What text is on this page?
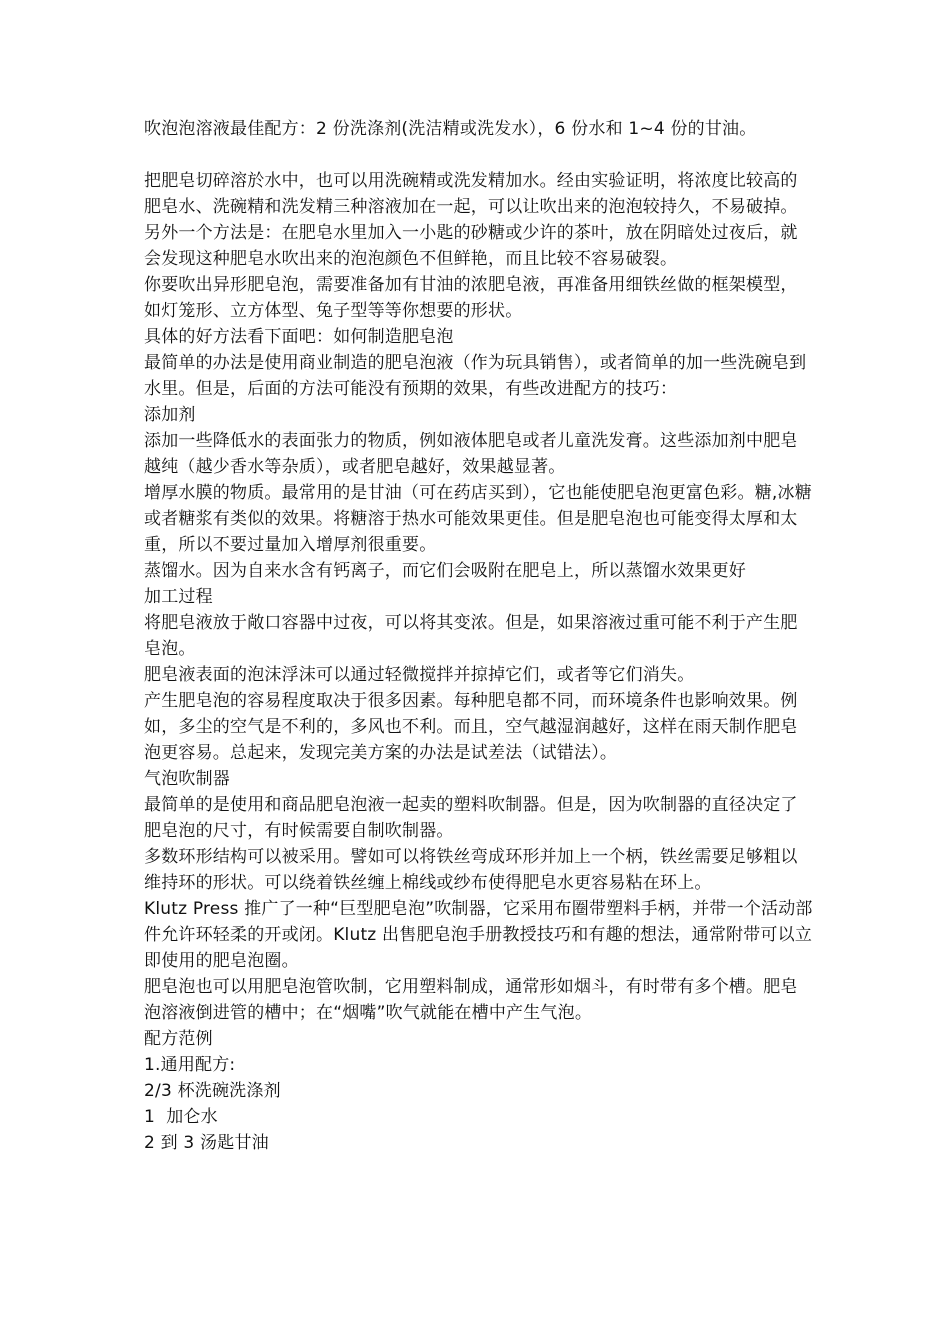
吹泡泡溶液最佳配方：2 份洗涤剂(洗洁精或洗发水），6 份水和 1~4 份的甘油。

把肥皂切碎溶於水中，也可以用洗碗精或洗发精加水。经由实验证明，将浓度比较高的肥皂水、洗碗精和洗发精三种溶液加在一起，可以让吹出来的泡泡较持久，不易破掉。另外一个方法是：在肥皂水里加入一小匙的砂糖或少许的茶叶，放在阴暗处过夜后，就会发现这种肥皂水吹出来的泡泡颜色不但鲜艳，而且比较不容易破裂。

你要吹出异形肥皂泡，需要准备加有甘油的浓肥皂液，再准备用细铁丝做的框架模型，如灯笼形、立方体型、兔子型等等你想要的形状。

具体的好方法看下面吧：如何制造肥皂泡

最简单的办法是使用商业制造的肥皂泡液（作为玩具销售），或者简单的加一些洗碗皂到水里。但是，后面的方法可能没有预期的效果，有些改进配方的技巧：

添加剂

添加一些降低水的表面张力的物质，例如液体肥皂或者儿童洗发膏。这些添加剂中肥皂越纯（越少香水等杂质），或者肥皂越好，效果越显著。

增厚水膜的物质。最常用的是甘油（可在药店买到），它也能使肥皂泡更富色彩。糖,冰糖或者糖浆有类似的效果。将糖溶于热水可能效果更佳。但是肥皂泡也可能变得太厚和太重，所以不要过量加入增厚剂很重要。

蒸馏水。因为自来水含有钙离子，而它们会吸附在肥皂上，所以蒸馏水效果更好

加工过程

将肥皂液放于敞口容器中过夜，可以将其变浓。但是，如果溶液过重可能不利于产生肥皂泡。

肥皂液表面的泡沫浮沫可以通过轻微搅拌并掠掉它们，或者等它们消失。

产生肥皂泡的容易程度取决于很多因素。每种肥皂都不同，而环境条件也影响效果。例如，多尘的空气是不利的，多风也不利。而且，空气越湿润越好，这样在雨天制作肥皂泡更容易。总起来，发现完美方案的办法是试差法（试错法）。

气泡吹制器

最简单的是使用和商品肥皂泡液一起卖的塑料吹制器。但是，因为吹制器的直径决定了肥皂泡的尺寸，有时候需要自制吹制器。

多数环形结构可以被采用。譬如可以将铁丝弯成环形并加上一个柄，铁丝需要足够粗以维持环的形状。可以绕着铁丝缠上棉线或纱布使得肥皂水更容易粘在环上。

Klutz Press 推广了一种“巨型肥皂泡”吹制器，它采用布圈带塑料手柄，并带一个活动部件允许环轻柔的开或闭。Klutz 出售肥皂泡手册教授技巧和有趣的想法，通常附带可以立即使用的肥皂泡圈。

肥皂泡也可以用肥皂泡管吹制，它用塑料制成，通常形如烟斗，有时带有多个槽。肥皂泡溶液倒进管的槽中；在“烟嘴”吹气就能在槽中产生气泡。

配方范例

1.通用配方:

2/3 杯洗碗洗涤剂

1  加仑水

2 到 3 汤匙甘油
